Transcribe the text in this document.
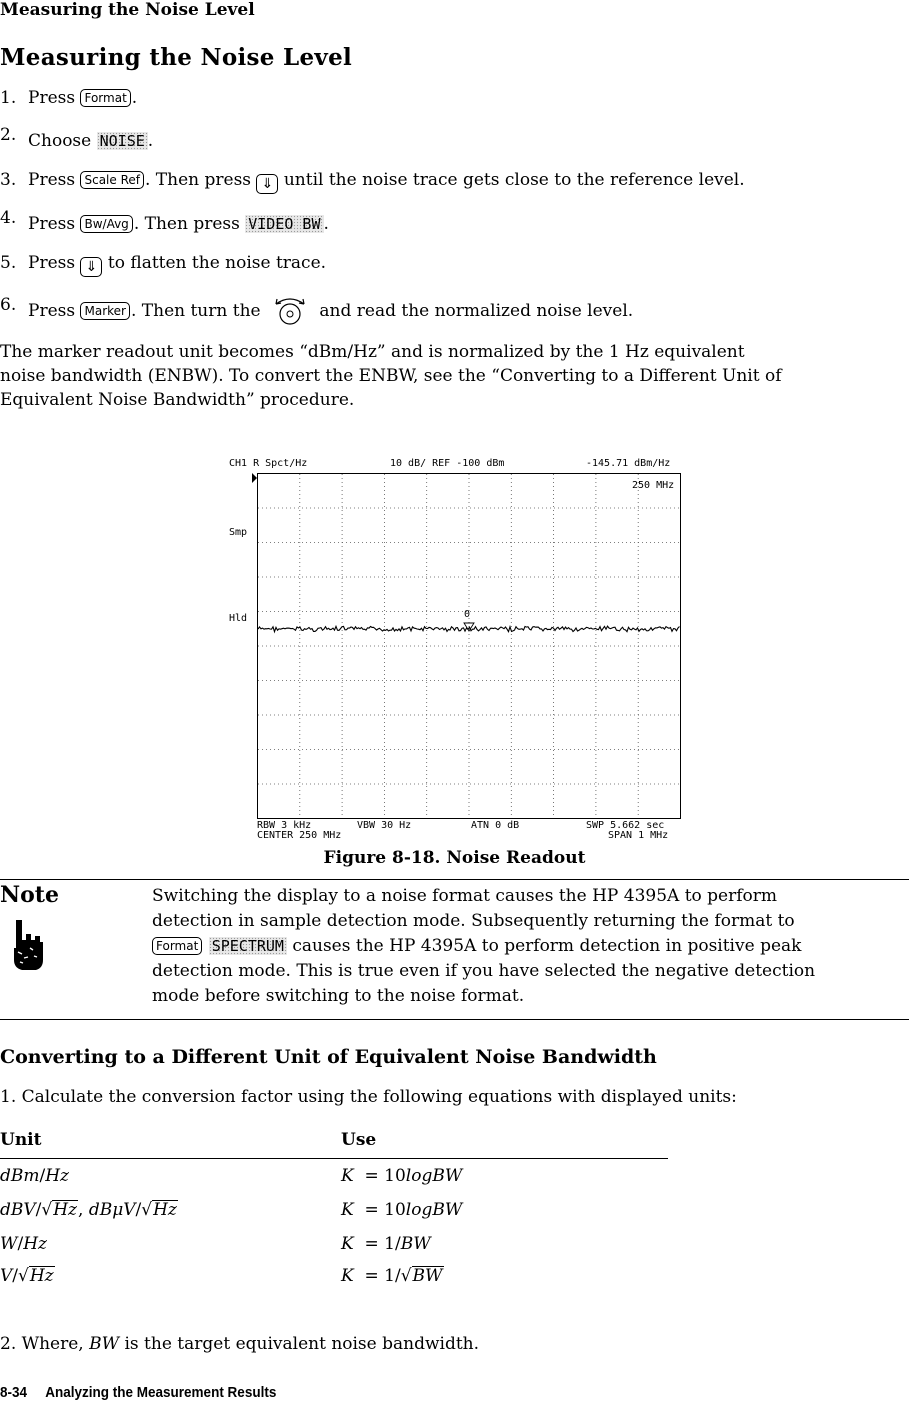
Measuring the Noise Level
Measuring the Noise Level
1. Press Format .
2. Choose NOISE .
3. Press Scale Ref . Then press ⇓ until the noise trace gets close to the reference level.
4. Press Bw/Avg . Then press VIDEO BW .
5. Press ⇓ to flatten the noise trace.
6. Press Marker . Then turn the	and read the normalized noise level.
The marker readout unit becomes “dBm/Hz” and is normalized by the 1 Hz equivalent
noise bandwidth (ENBW). To convert the ENBW, see the “Converting to a Different Unit of
Equivalent Noise Bandwidth” procedure.
CH1 R Spct/Hz	10 dB/ REF -100 dBm	-145.71 dBm/Hz
250 MHz
Smp
Hld	0
RBW 3 kHz	VBW 30 Hz	ATN 0 dB	SWP 5.662 sec
CENTER 250 MHz	SPAN 1 MHz
Figure 8-18. Noise Readout
Note	Switching the display to a noise format causes the HP 4395A to perform
detection in sample detection mode. Subsequently returning the format to
Format SPECTRUM causes the HP 4395A to perform detection in positive peak
detection mode. This is true even if you have selected the negative detection
mode before switching to the noise format.
Converting to a Different Unit of Equivalent Noise Bandwidth
1. Calculate the conversion factor using the following equations with displayed units:
Unit	Use
dBm/Hz	K  = 10logBW
dBV/√Hz, dBμV/√Hz	K  = 10logBW
W/Hz	K  = 1/BW
V/√Hz	K  = 1/√BW
2. Where, BW is the target equivalent noise bandwidth.
8-34     Analyzing the Measurement Results
